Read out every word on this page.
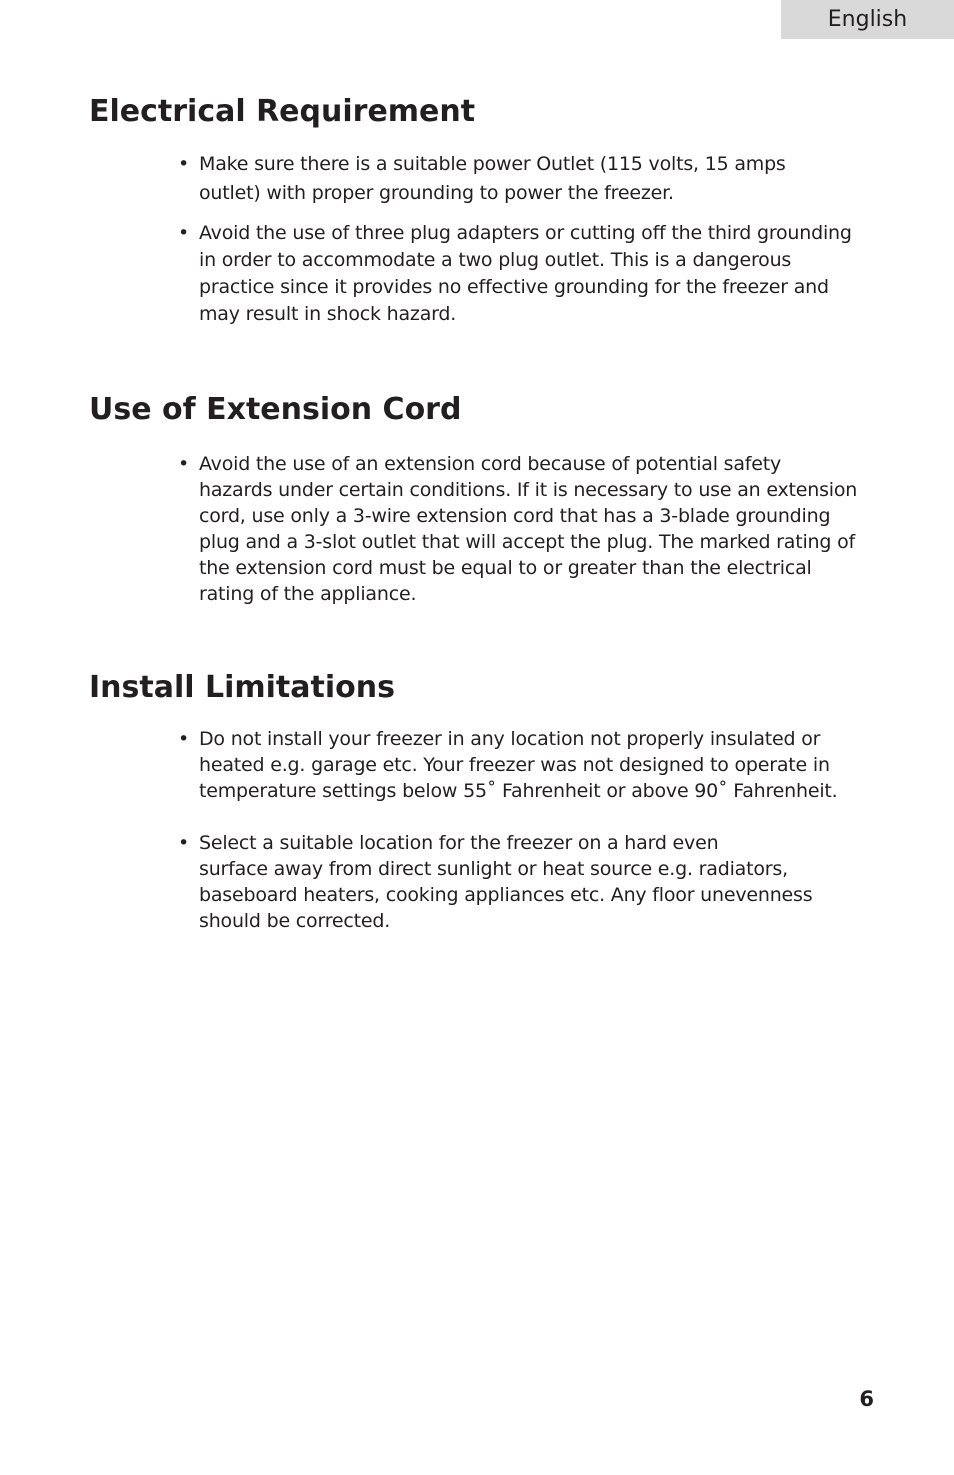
English
Electrical Requirement
• Make sure there is a suitable power Outlet (115 volts, 15 amps
outlet) with proper grounding to power the freezer.
• Avoid the use of three plug adapters or cutting off the third grounding
in order to accommodate a two plug outlet. This is a dangerous
practice since it provides no effective grounding for the freezer and
may result in shock hazard.
Use of Extension Cord
• Avoid the use of an extension cord because of potential safety
hazards under certain conditions. If it is necessary to use an extension
cord, use only a 3-wire extension cord that has a 3-blade grounding
plug and a 3-slot outlet that will accept the plug. The marked rating of
the extension cord must be equal to or greater than the electrical
rating of the appliance.
Install Limitations
• Do not install your freezer in any location not properly insulated or
heated e.g. garage etc. Your freezer was not designed to operate in
temperature settings below 55˚ Fahrenheit or above 90˚ Fahrenheit.
• Select a suitable location for the freezer on a hard even
surface away from direct sunlight or heat source e.g. radiators,
baseboard heaters, cooking appliances etc. Any floor unevenness
should be corrected.
6
